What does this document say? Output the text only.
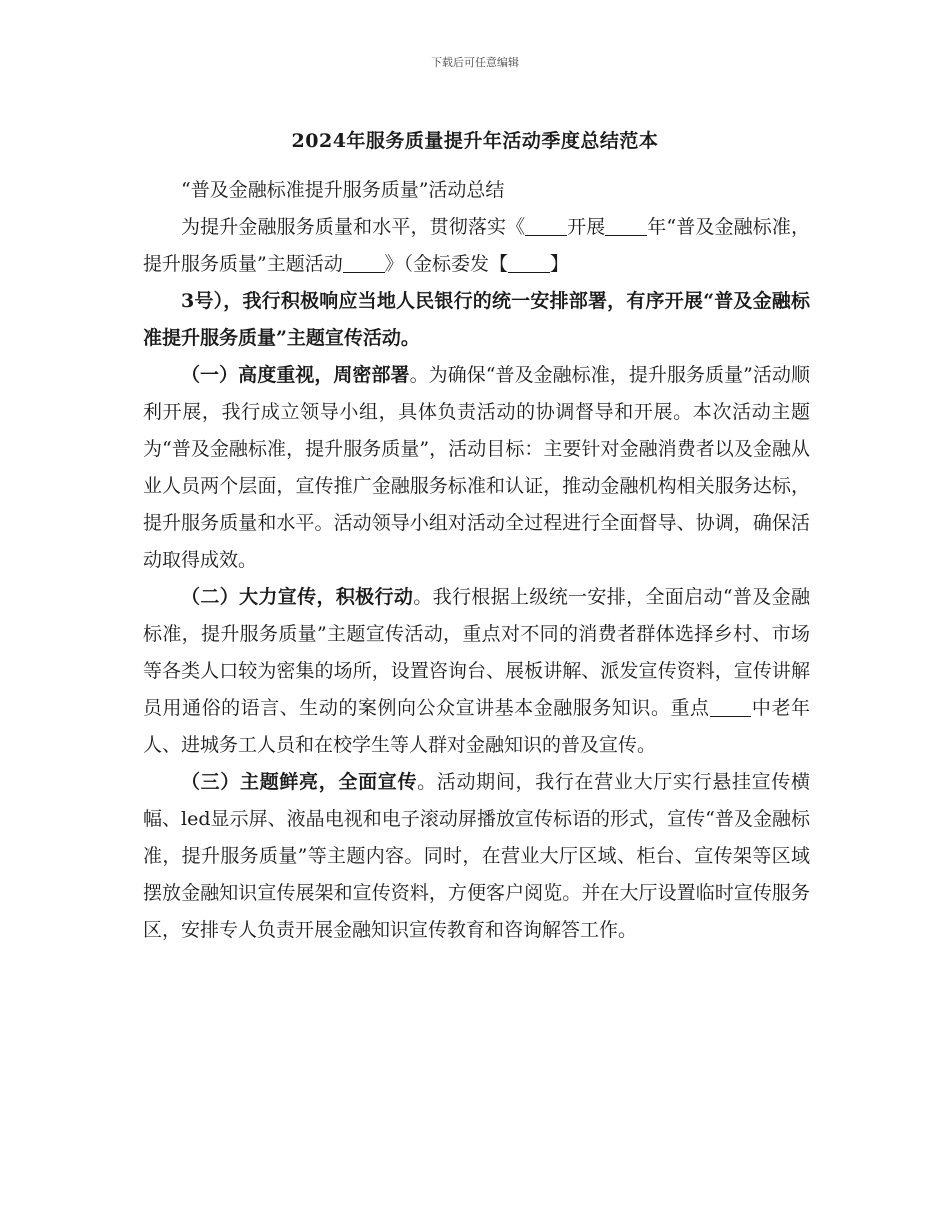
下载后可任意编辑
2024年服务质量提升年活动季度总结范本

“普及金融标准提升服务质量”活动总结

为提升金融服务质量和水平，贯彻落实《 开展 年“普及金融标准，提升服务质量”主题活动 》（金标委发【 】

3号），我行积极响应当地人民银行的统一安排部署，有序开展“普及金融标准提升服务质量”主题宣传活动。

（一）高度重视，周密部署。为确保“普及金融标准，提升服务质量”活动顺利开展，我行成立领导小组，具体负责活动的协调督导和开展。本次活动主题为“普及金融标准，提升服务质量”，活动目标：主要针对金融消费者以及金融从业人员两个层面，宣传推广金融服务标准和认证，推动金融机构相关服务达标，提升服务质量和水平。活动领导小组对活动全过程进行全面督导、协调，确保活动取得成效。

（二）大力宣传，积极行动。我行根据上级统一安排，全面启动“普及金融标准，提升服务质量”主题宣传活动，重点对不同的消费者群体选择乡村、市场等各类人口较为密集的场所，设置咨询台、展板讲解、派发宣传资料，宣传讲解员用通俗的语言、生动的案例向公众宣讲基本金融服务知识。重点 中老年人、进城务工人员和在校学生等人群对金融知识的普及宣传。

（三）主题鲜亮，全面宣传。活动期间，我行在营业大厅实行悬挂宣传横幅、led显示屏、液晶电视和电子滚动屏播放宣传标语的形式，宣传“普及金融标准，提升服务质量”等主题内容。同时，在营业大厅区域、柜台、宣传架等区域摆放金融知识宣传展架和宣传资料，方便客户阅览。并在大厅设置临时宣传服务区，安排专人负责开展金融知识宣传教育和咨询解答工作。
